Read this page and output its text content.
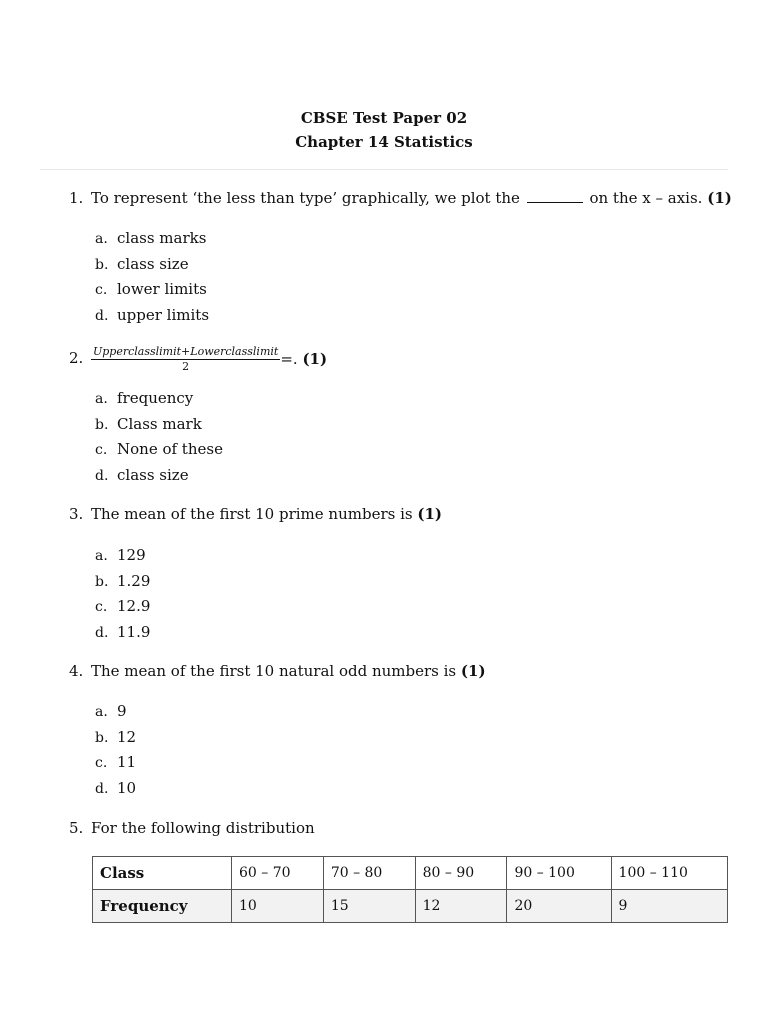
CBSE Test Paper 02
Chapter 14 Statistics
1. To represent ‘the less than type’ graphically, we plot the	on the x – axis. (1)
a. class marks
b. class size
c. lower limits
d. upper limits
2. $\frac{\text{Upperclasslimit+Lowerclasslimit}}{2}$ =. (1)
a. frequency
b. Class mark
c. None of these
d. class size
3. The mean of the first 10 prime numbers is (1)
a. 129
b. 1.29
c. 12.9
d. 11.9
4. The mean of the first 10 natural odd numbers is (1)
a. 9
b. 12
c. 11
d. 10
5. For the following distribution
Class	60 – 70	70 – 80	80 – 90	90 – 100	100 – 110
Frequency	10	15	12	20	9
